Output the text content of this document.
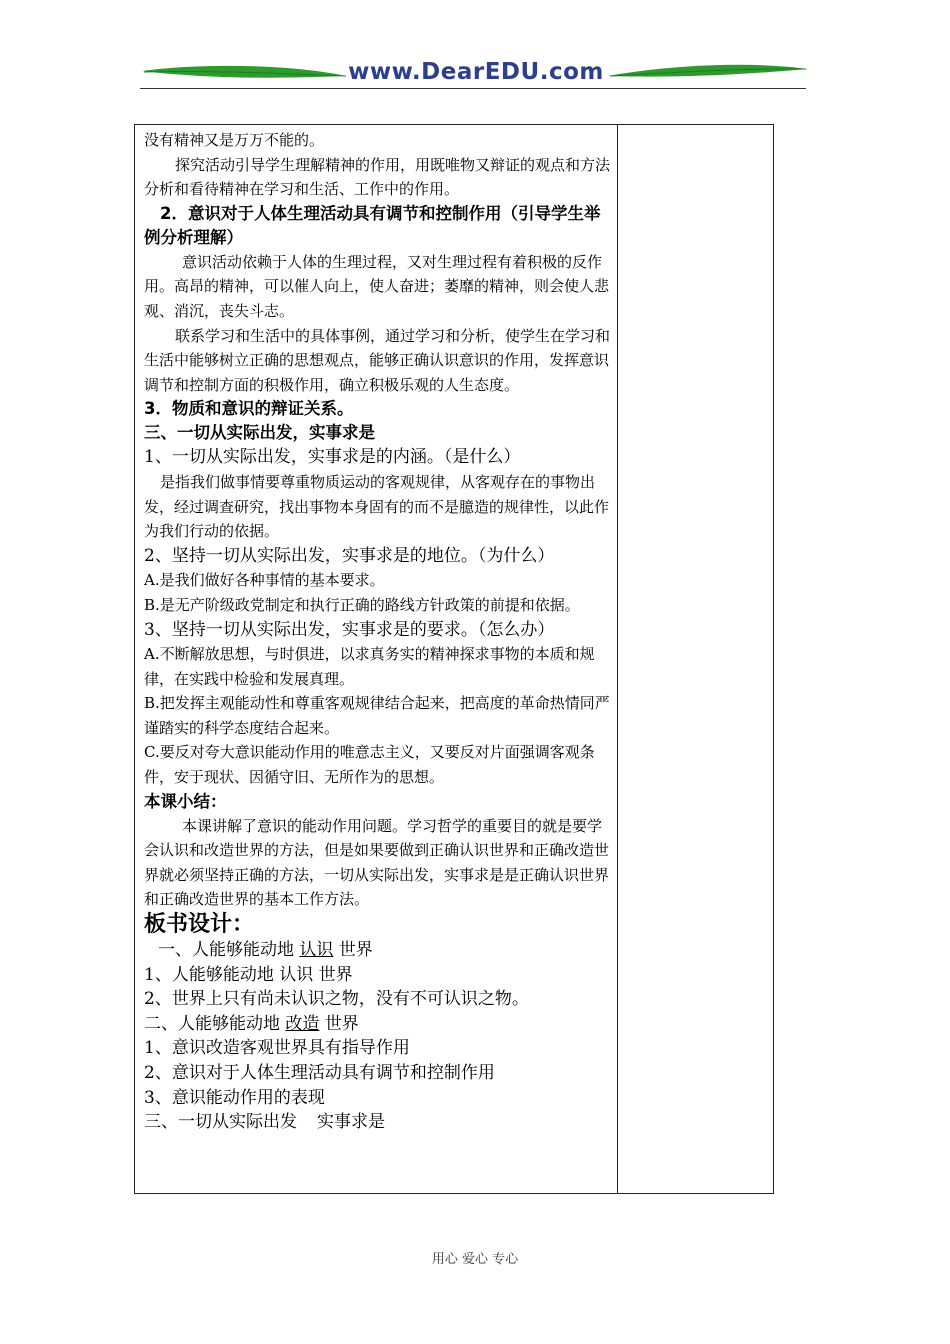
www.DearEDU.com

没有精神又是万万不能的。

探究活动引导学生理解精神的作用，用既唯物又辩证的观点和方法分析和看待精神在学习和生活、工作中的作用。

2．意识对于人体生理活动具有调节和控制作用（引导学生举例分析理解）

意识活动依赖于人体的生理过程，又对生理过程有着积极的反作用。高昂的精神，可以催人向上，使人奋进；萎靡的精神，则会使人悲观、消沉，丧失斗志。

联系学习和生活中的具体事例，通过学习和分析，使学生在学习和生活中能够树立正确的思想观点，能够正确认识意识的作用，发挥意识调节和控制方面的积极作用，确立积极乐观的人生态度。

3．物质和意识的辩证关系。

三、一切从实际出发，实事求是

1、一切从实际出发，实事求是的内涵。（是什么）

是指我们做事情要尊重物质运动的客观规律，从客观存在的事物出发，经过调查研究，找出事物本身固有的而不是臆造的规律性，以此作为我们行动的依据。

2、坚持一切从实际出发，实事求是的地位。（为什么）

A.是我们做好各种事情的基本要求。

B.是无产阶级政党制定和执行正确的路线方针政策的前提和依据。

3、坚持一切从实际出发，实事求是的要求。（怎么办）

A.不断解放思想，与时俱进，以求真务实的精神探求事物的本质和规律，在实践中检验和发展真理。

B.把发挥主观能动性和尊重客观规律结合起来，把高度的革命热情同严谨踏实的科学态度结合起来。

C.要反对夸大意识能动作用的唯意志主义，又要反对片面强调客观条件，安于现状、因循守旧、无所作为的思想。

本课小结：

本课讲解了意识的能动作用问题。学习哲学的重要目的就是要学会认识和改造世界的方法，但是如果要做到正确认识世界和正确改造世界就必须坚持正确的方法，一切从实际出发，实事求是是正确认识世界和正确改造世界的基本工作方法。

板书设计：

一、人能够能动地 认识 世界

1、人能够能动地 认识 世界

2、世界上只有尚未认识之物，没有不可认识之物。

二、人能够能动地 改造 世界

1、意识改造客观世界具有指导作用

2、意识对于人体生理活动具有调节和控制作用

3、意识能动作用的表现

三、一切从实际出发 实事求是

用心 爱心 专心
